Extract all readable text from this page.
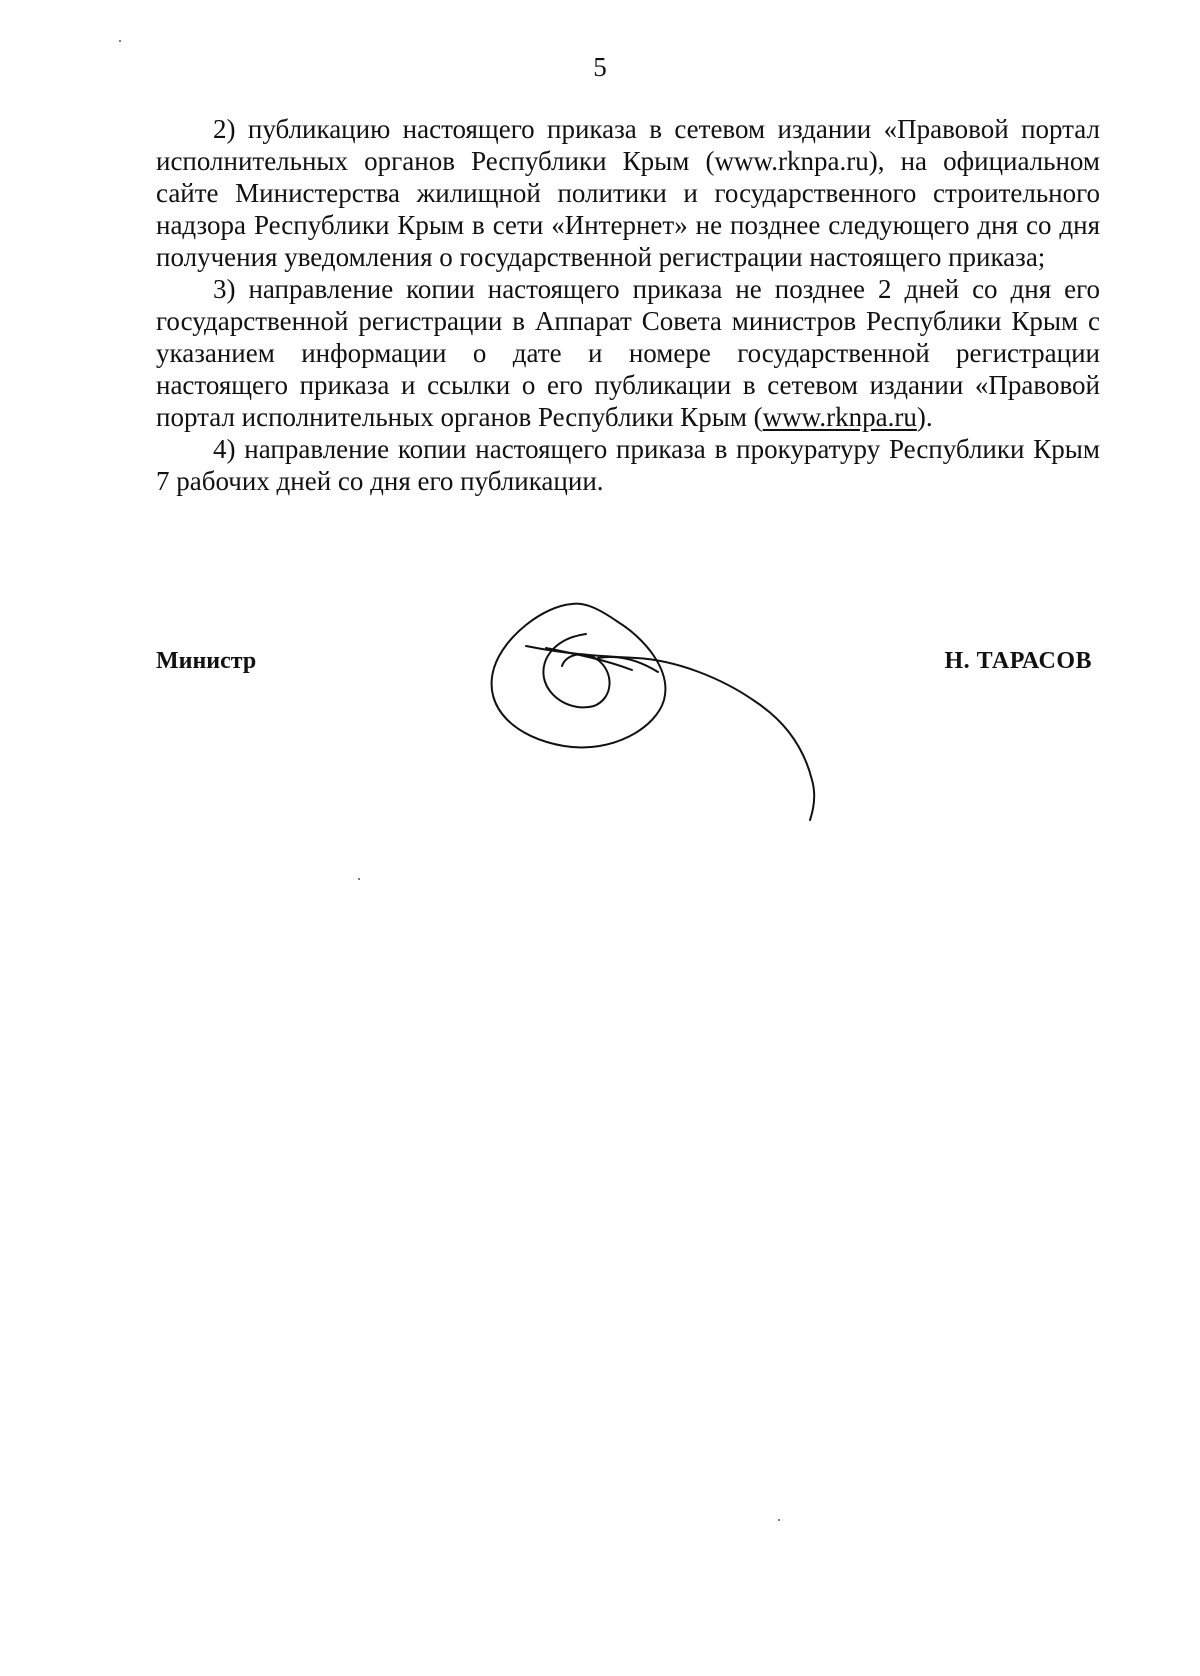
5

2) публикацию настоящего приказа в сетевом издании «Правовой портал исполнительных органов Республики Крым (www.rknpa.ru), на официальном сайте Министерства жилищной политики и государственного строительного надзора Республики Крым в сети «Интернет» не позднее следующего дня со дня получения уведомления о государственной регистрации настоящего приказа;

3) направление копии настоящего приказа не позднее 2 дней со дня его государственной регистрации в Аппарат Совета министров Республики Крым с указанием информации о дате и номере государственной регистрации настоящего приказа и ссылки о его публикации в сетевом издании «Правовой портал исполнительных органов Республики Крым (www.rknpa.ru).

4) направление копии настоящего приказа в прокуратуру Республики Крым 7 рабочих дней со дня его публикации.

Министр	Н. ТАРАСОВ
